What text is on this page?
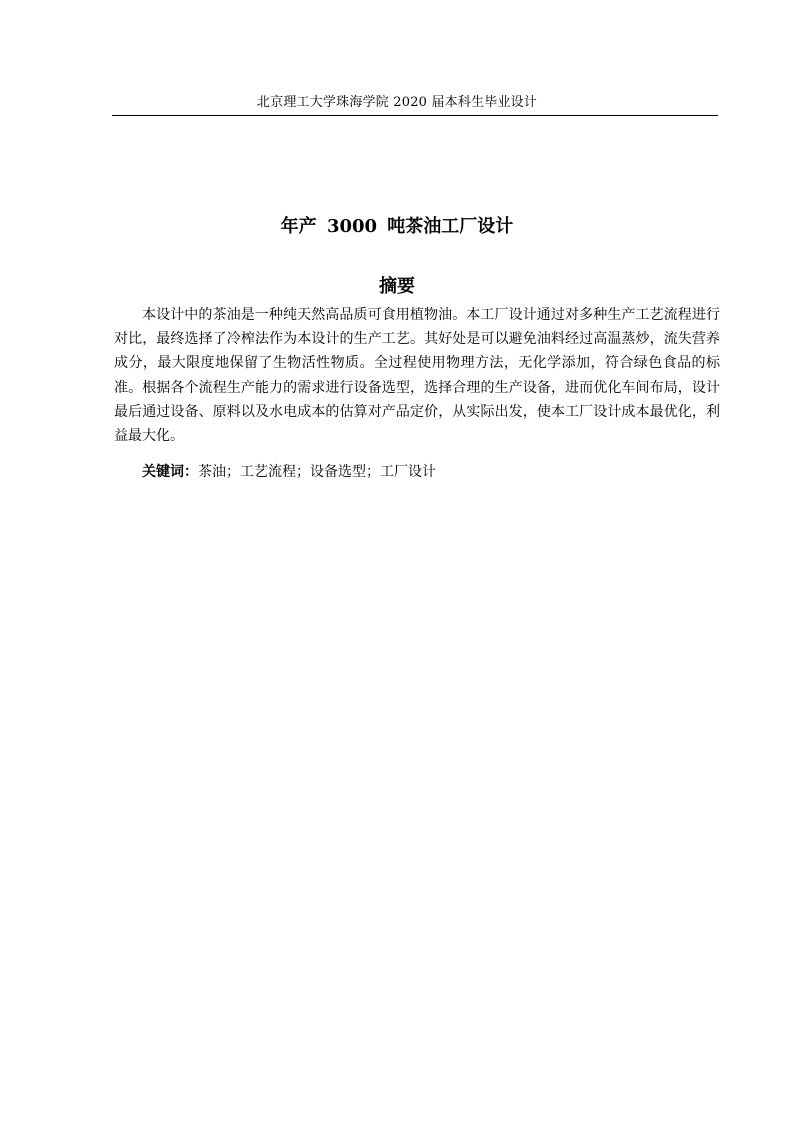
北京理工大学珠海学院 2020 届本科生毕业设计
年产 3000 吨茶油工厂设计
摘要

本设计中的茶油是一种纯天然高品质可食用植物油。本工厂设计通过对多种生产工艺流程进行对比，最终选择了冷榨法作为本设计的生产工艺。其好处是可以避免油料经过高温蒸炒，流失营养成分，最大限度地保留了生物活性物质。全过程使用物理方法，无化学添加，符合绿色食品的标准。根据各个流程生产能力的需求进行设备选型，选择合理的生产设备，进而优化车间布局，设计最后通过设备、原料以及水电成本的估算对产品定价，从实际出发，使本工厂设计成本最优化，利益最大化。

关键词：茶油；工艺流程；设备选型；工厂设计
